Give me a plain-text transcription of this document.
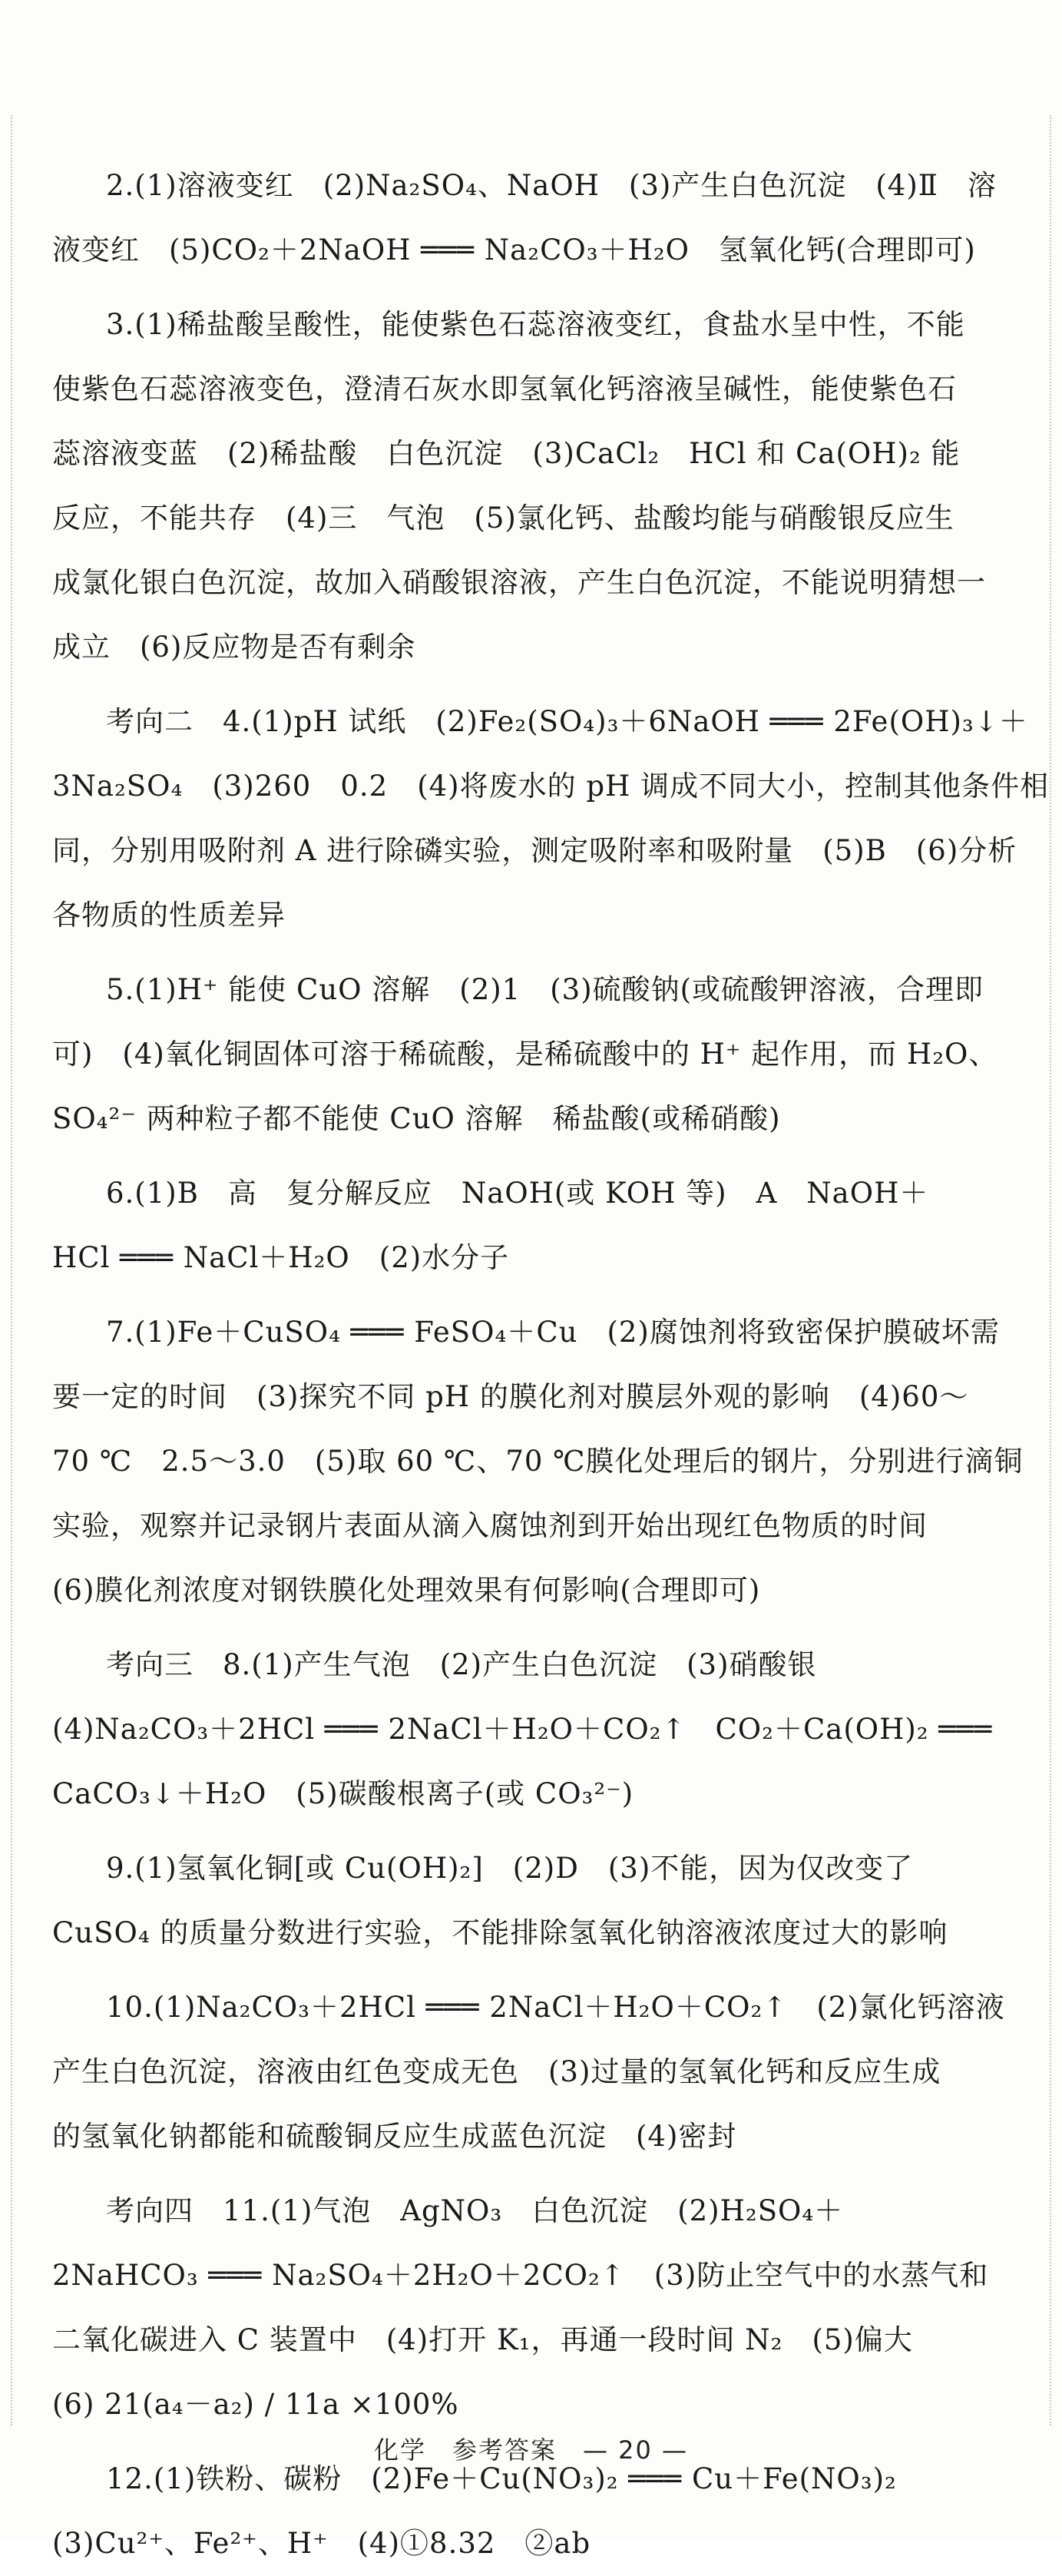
2.(1)溶液变红　(2)Na₂SO₄、NaOH　(3)产生白色沉淀　(4)Ⅱ　溶
液变红　(5)CO₂＋2NaOH ═══ Na₂CO₃＋H₂O　氢氧化钙(合理即可)
3.(1)稀盐酸呈酸性，能使紫色石蕊溶液变红，食盐水呈中性，不能
使紫色石蕊溶液变色，澄清石灰水即氢氧化钙溶液呈碱性，能使紫色石
蕊溶液变蓝　(2)稀盐酸　白色沉淀　(3)CaCl₂　HCl 和 Ca(OH)₂ 能
反应，不能共存　(4)三　气泡　(5)氯化钙、盐酸均能与硝酸银反应生
成氯化银白色沉淀，故加入硝酸银溶液，产生白色沉淀，不能说明猜想一
成立　(6)反应物是否有剩余
考向二　4.(1)pH 试纸　(2)Fe₂(SO₄)₃＋6NaOH ═══ 2Fe(OH)₃↓＋
3Na₂SO₄　(3)260　0.2　(4)将废水的 pH 调成不同大小，控制其他条件相
同，分别用吸附剂 A 进行除磷实验，测定吸附率和吸附量　(5)B　(6)分析
各物质的性质差异
5.(1)H⁺ 能使 CuO 溶解　(2)1　(3)硫酸钠(或硫酸钾溶液，合理即
可)　(4)氧化铜固体可溶于稀硫酸，是稀硫酸中的 H⁺ 起作用，而 H₂O、
SO₄²⁻ 两种粒子都不能使 CuO 溶解　稀盐酸(或稀硝酸)
6.(1)B　高　复分解反应　NaOH(或 KOH 等)　A　NaOH＋
HCl ═══ NaCl＋H₂O　(2)水分子
7.(1)Fe＋CuSO₄ ═══ FeSO₄＋Cu　(2)腐蚀剂将致密保护膜破坏需
要一定的时间　(3)探究不同 pH 的膜化剂对膜层外观的影响　(4)60～
70 ℃　2.5～3.0　(5)取 60 ℃、70 ℃膜化处理后的钢片，分别进行滴铜
实验，观察并记录钢片表面从滴入腐蚀剂到开始出现红色物质的时间
(6)膜化剂浓度对钢铁膜化处理效果有何影响(合理即可)
考向三　8.(1)产生气泡　(2)产生白色沉淀　(3)硝酸银
(4)Na₂CO₃＋2HCl ═══ 2NaCl＋H₂O＋CO₂↑　CO₂＋Ca(OH)₂ ═══
CaCO₃↓＋H₂O　(5)碳酸根离子(或 CO₃²⁻)
9.(1)氢氧化铜[或 Cu(OH)₂]　(2)D　(3)不能，因为仅改变了
CuSO₄ 的质量分数进行实验，不能排除氢氧化钠溶液浓度过大的影响
10.(1)Na₂CO₃＋2HCl ═══ 2NaCl＋H₂O＋CO₂↑　(2)氯化钙溶液
产生白色沉淀，溶液由红色变成无色　(3)过量的氢氧化钙和反应生成
的氢氧化钠都能和硫酸铜反应生成蓝色沉淀　(4)密封
考向四　11.(1)气泡　AgNO₃　白色沉淀　(2)H₂SO₄＋
2NaHCO₃ ═══ Na₂SO₄＋2H₂O＋2CO₂↑　(3)防止空气中的水蒸气和
二氧化碳进入 C 装置中　(4)打开 K₁，再通一段时间 N₂　(5)偏大
(6) 21(a₄－a₂) / 11a ×100%
12.(1)铁粉、碳粉　(2)Fe＋Cu(NO₃)₂ ═══ Cu＋Fe(NO₃)₂
(3)Cu²⁺、Fe²⁺、H⁺　(4)①8.32　②ab
化学　参考答案　— 20 —
